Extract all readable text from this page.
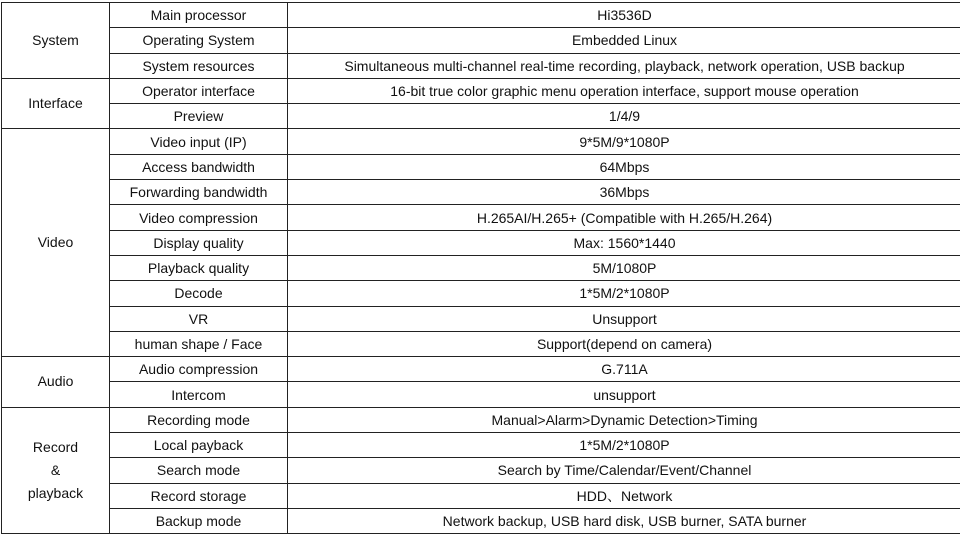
System	Main processor	Hi3536D
	Operating System	Embedded Linux
	System resources	Simultaneous multi-channel real-time recording, playback, network operation, USB backup

Interface	Operator interface	16-bit true color graphic menu operation interface, support mouse operation
	Preview	1/4/9

Video	Video input (IP)	9*5M/9*1080P
	Access bandwidth	64Mbps
	Forwarding bandwidth	36Mbps
	Video compression	H.265AI/H.265+ (Compatible with H.265/H.264)
	Display quality	Max: 1560*1440
	Playback quality	5M/1080P
	Decode	1*5M/2*1080P
	VR	Unsupport
	human shape / Face	Support(depend on camera)

Audio	Audio compression	G.711A
	Intercom	unsupport

Record
&
playback	Recording mode	Manual>Alarm>Dynamic Detection>Timing
	Local payback	1*5M/2*1080P
	Search mode	Search by Time/Calendar/Event/Channel
	Record storage	HDD、Network
	Backup mode	Network backup, USB hard disk, USB burner, SATA burner
